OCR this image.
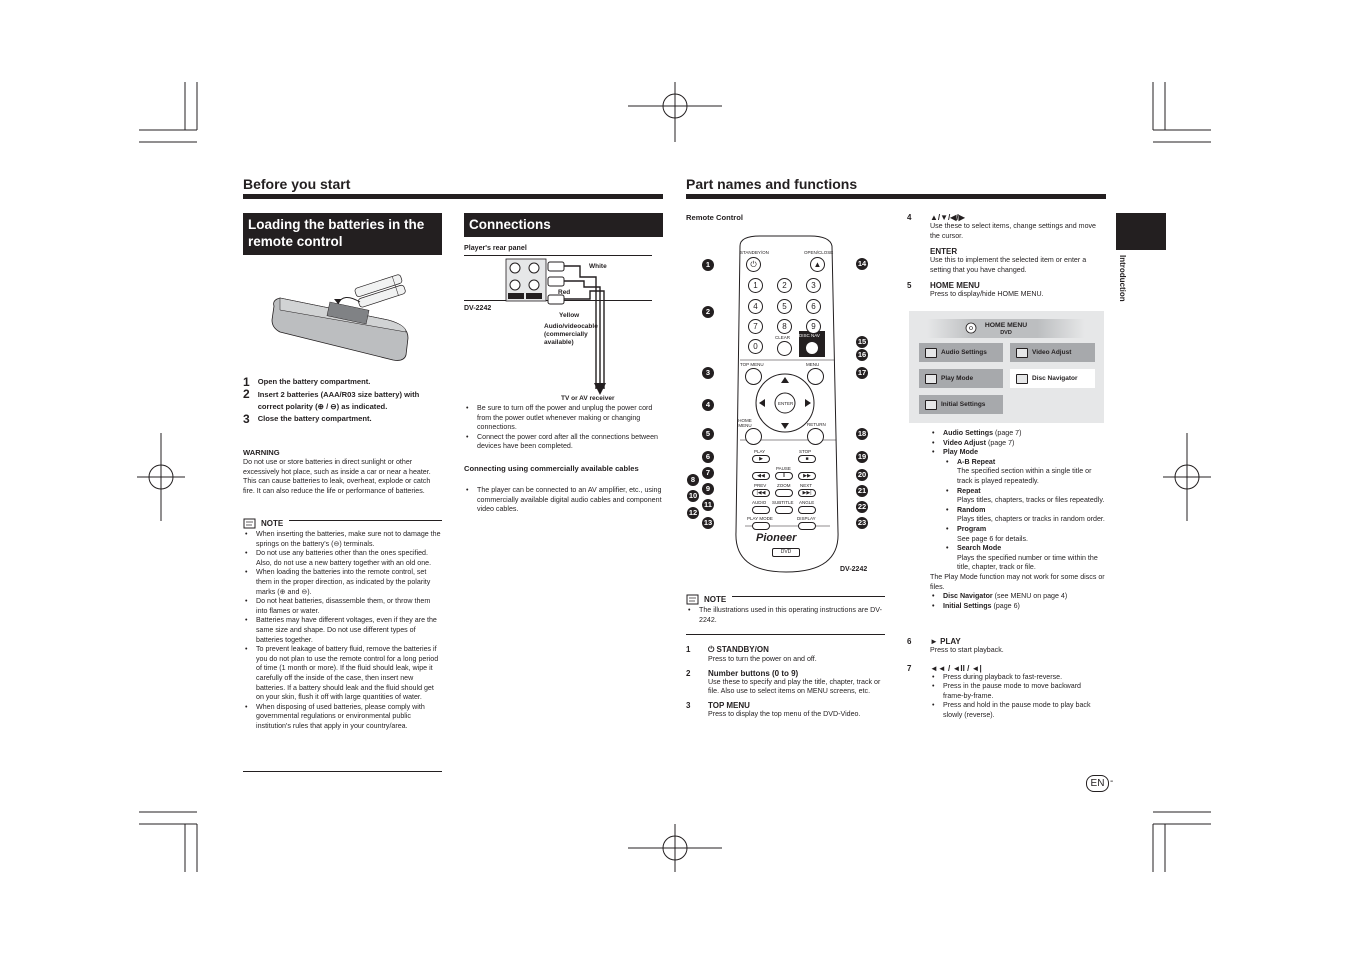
Before you start
Loading the batteries in the remote control
1 Open the battery compartment.
2 Insert 2 batteries (AAA/R03 size battery) with correct polarity (⊕ / ⊖) as indicated.
3 Close the battery compartment.
WARNING
Do not use or store batteries in direct sunlight or other excessively hot place, such as inside a car or near a heater. This can cause batteries to leak, overheat, explode or catch fire. It can also reduce the life or performance of batteries.
NOTE
• When inserting the batteries, make sure not to damage the springs on the battery's (⊖) terminals.
• Do not use any batteries other than the ones specified. Also, do not use a new battery together with an old one.
• When loading the batteries into the remote control, set them in the proper direction, as indicated by the polarity marks (⊕ and ⊖).
• Do not heat batteries, disassemble them, or throw them into flames or water.
• Batteries may have different voltages, even if they are the same size and shape. Do not use different types of batteries together.
• To prevent leakage of battery fluid, remove the batteries if you do not plan to use the remote control for a long period of time (1 month or more). If the fluid should leak, wipe it carefully off the inside of the case, then insert new batteries. If a battery should leak and the fluid should get on your skin, flush it off with large quantities of water.
• When disposing of used batteries, please comply with governmental regulations or environmental public institution's rules that apply in your country/area.
Connections
Player's rear panel
White
Red
Yellow
DV-2242
Audio/videocable (commercially available)
TV or AV receiver
• Be sure to turn off the power and unplug the power cord from the power outlet whenever making or changing connections.
• Connect the power cord after all the connections between devices have been completed.
Connecting using commercially available cables
• The player can be connected to an AV amplifier, etc., using commercially available digital audio cables and component video cables.
Part names and functions
Remote Control
⏻	▲
STANDBY/ON	OPEN/CLOSE
1	2	3
4	5	6
7	8	9
0
CLEAR DISC NAV
TOP MENU	MENU
ENTER
HOME MENU	RETURN
PLAY
▶
STOP
■
◀◀
PAUSE
II	▶▶
PREV
|◀◀
ZOOM NEXT
▶▶|
AUDIO SUBTITLE ANGLE
PLAY MODE	DISPLAY
Pioneer
DVD
1
2
3
4
5
6
7
8
9
10
11
12
13
14
15
16
17
18
19
20
21
22
23
DV-2242
NOTE
• The illustrations used in this operating instructions are DV-2242.
1	⏻ STANDBY/ON
Press to turn the power on and off.
2	Number buttons (0 to 9)
Use these to specify and play the title, chapter, track or file. Also use to select items on MENU screens, etc.
3	TOP MENU
Press to display the top menu of the DVD-Video.
4	▲/▼/◀/▶
Use these to select items, change settings and move the cursor.
ENTER
Use this to implement the selected item or enter a setting that you have changed.
5	HOME MENU
Press to display/hide HOME MENU.
HOME MENU
DVD
Audio Settings	Video Adjust
Play Mode	Disc Navigator
Initial Settings
• Audio Settings (page 7)
• Video Adjust (page 7)
• Play Mode
• A-B Repeat
The specified section within a single title or track is played repeatedly.
• Repeat
Plays titles, chapters, tracks or files repeatedly.
• Random
Plays titles, chapters or tracks in random order.
• Program
See page 6 for details.
• Search Mode
Plays the specified number or time within the title, chapter, track or file.
The Play Mode function may not work for some discs or files.
• Disc Navigator (see MENU on page 4)
• Initial Settings (page 6)
6	► PLAY
Press to start playback.
7	◄◄ / ◄II / ◄|
• Press during playback to fast-reverse.
• Press in the pause mode to move backward frame-by-frame.
• Press and hold in the pause mode to play back slowly (reverse).
Introduction
EN -
